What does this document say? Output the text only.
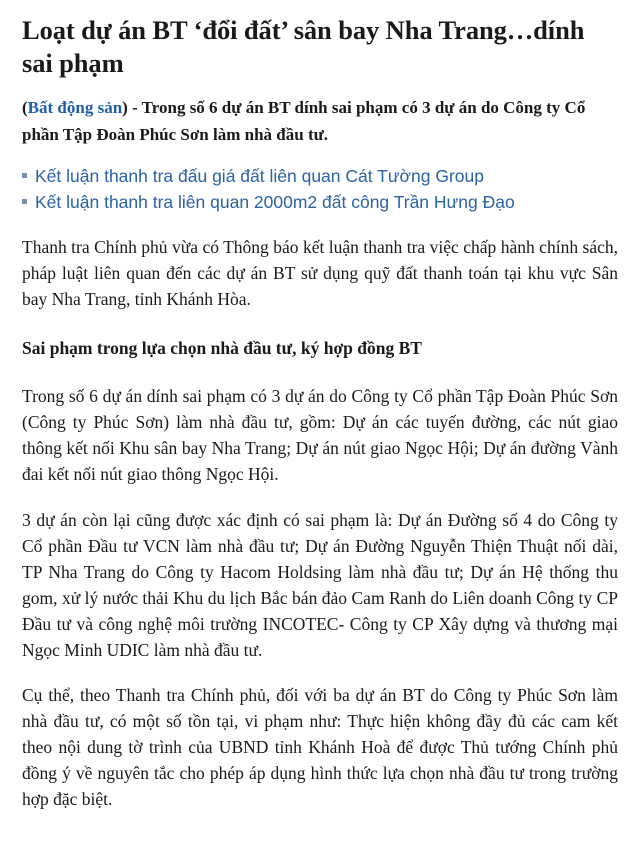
Loạt dự án BT ‘đổi đất’ sân bay Nha Trang…dính sai phạm

(Bất động sản) - Trong số 6 dự án BT dính sai phạm có 3 dự án do Công ty Cổ phần Tập Đoàn Phúc Sơn làm nhà đầu tư.

Kết luận thanh tra đấu giá đất liên quan Cát Tường Group
Kết luận thanh tra liên quan 2000m2 đất công Trần Hưng Đạo

Thanh tra Chính phủ vừa có Thông báo kết luận thanh tra việc chấp hành chính sách, pháp luật liên quan đến các dự án BT sử dụng quỹ đất thanh toán tại khu vực Sân bay Nha Trang, tỉnh Khánh Hòa.

Sai phạm trong lựa chọn nhà đầu tư, ký hợp đồng BT

Trong số 6 dự án dính sai phạm có 3 dự án do Công ty Cổ phần Tập Đoàn Phúc Sơn (Công ty Phúc Sơn) làm nhà đầu tư, gồm: Dự án các tuyến đường, các nút giao thông kết nối Khu sân bay Nha Trang; Dự án nút giao Ngọc Hội; Dự án đường Vành đai kết nối nút giao thông Ngọc Hội.

3 dự án còn lại cũng được xác định có sai phạm là: Dự án Đường số 4 do Công ty Cổ phần Đầu tư VCN làm nhà đầu tư; Dự án Đường Nguyễn Thiện Thuật nối dài, TP Nha Trang do Công ty Hacom Holdsing làm nhà đầu tư; Dự án Hệ thống thu gom, xử lý nước thải Khu du lịch Bắc bán đảo Cam Ranh do Liên doanh Công ty CP Đầu tư và công nghệ môi trường INCOTEC- Công ty CP Xây dựng và thương mại Ngọc Minh UDIC làm nhà đầu tư.

Cụ thể, theo Thanh tra Chính phủ, đối với ba dự án BT do Công ty Phúc Sơn làm nhà đầu tư, có một số tồn tại, vi phạm như: Thực hiện không đầy đủ các cam kết theo nội dung tờ trình của UBND tỉnh Khánh Hoà để được Thủ tướng Chính phủ đồng ý về nguyên tắc cho phép áp dụng hình thức lựa chọn nhà đầu tư trong trường hợp đặc biệt.
